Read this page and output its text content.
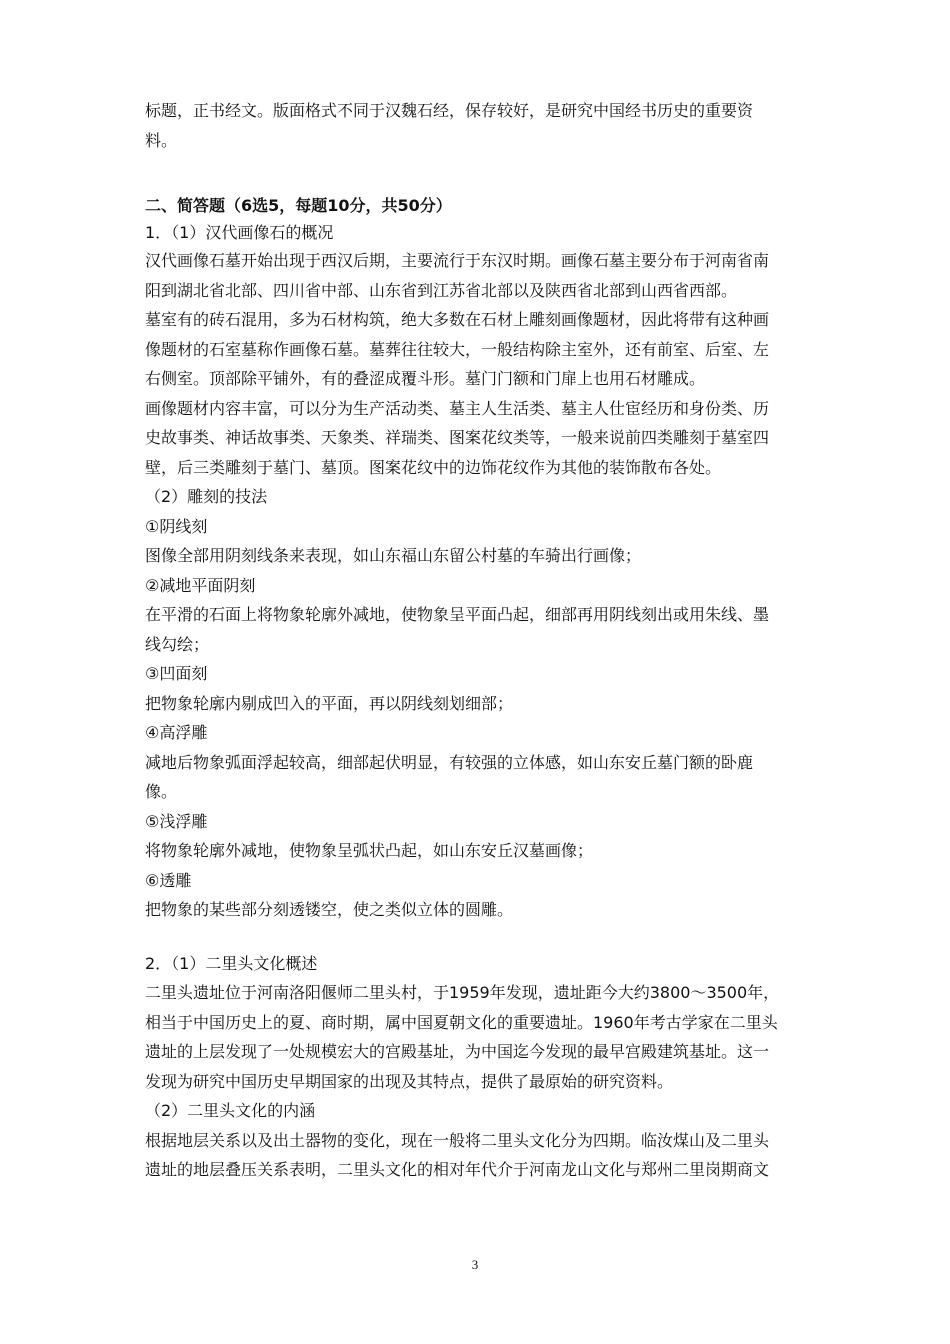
标题，正书经文。版面格式不同于汉魏石经，保存较好，是研究中国经书历史的重要资
料。
二、简答题（6选5，每题10分，共50分）
1．（1）汉代画像石的概况
汉代画像石墓开始出现于西汉后期，主要流行于东汉时期。画像石墓主要分布于河南省南
阳到湖北省北部、四川省中部、山东省到江苏省北部以及陕西省北部到山西省西部。
墓室有的砖石混用，多为石材构筑，绝大多数在石材上雕刻画像题材，因此将带有这种画
像题材的石室墓称作画像石墓。墓葬往往较大，一般结构除主室外，还有前室、后室、左
右侧室。顶部除平铺外，有的叠涩成覆斗形。墓门门额和门扉上也用石材雕成。
画像题材内容丰富，可以分为生产活动类、墓主人生活类、墓主人仕宦经历和身份类、历
史故事类、神话故事类、天象类、祥瑞类、图案花纹类等，一般来说前四类雕刻于墓室四
壁，后三类雕刻于墓门、墓顶。图案花纹中的边饰花纹作为其他的装饰散布各处。
（2）雕刻的技法
①阴线刻
图像全部用阴刻线条来表现，如山东福山东留公村墓的车骑出行画像；
②减地平面阴刻
在平滑的石面上将物象轮廓外减地，使物象呈平面凸起，细部再用阴线刻出或用朱线、墨
线勾绘；
③凹面刻
把物象轮廓内剔成凹入的平面，再以阴线刻划细部；
④高浮雕
减地后物象弧面浮起较高，细部起伏明显，有较强的立体感，如山东安丘墓门额的卧鹿
像。
⑤浅浮雕
将物象轮廓外减地，使物象呈弧状凸起，如山东安丘汉墓画像；
⑥透雕
把物象的某些部分刻透镂空，使之类似立体的圆雕。
2．（1）二里头文化概述
二里头遗址位于河南洛阳偃师二里头村，于1959年发现，遗址距今大约3800～3500年，
相当于中国历史上的夏、商时期，属中国夏朝文化的重要遗址。1960年考古学家在二里头
遗址的上层发现了一处规模宏大的宫殿基址，为中国迄今发现的最早宫殿建筑基址。这一
发现为研究中国历史早期国家的出现及其特点，提供了最原始的研究资料。
（2）二里头文化的内涵
根据地层关系以及出土器物的变化，现在一般将二里头文化分为四期。临汝煤山及二里头
遗址的地层叠压关系表明，二里头文化的相对年代介于河南龙山文化与郑州二里岗期商文
3
